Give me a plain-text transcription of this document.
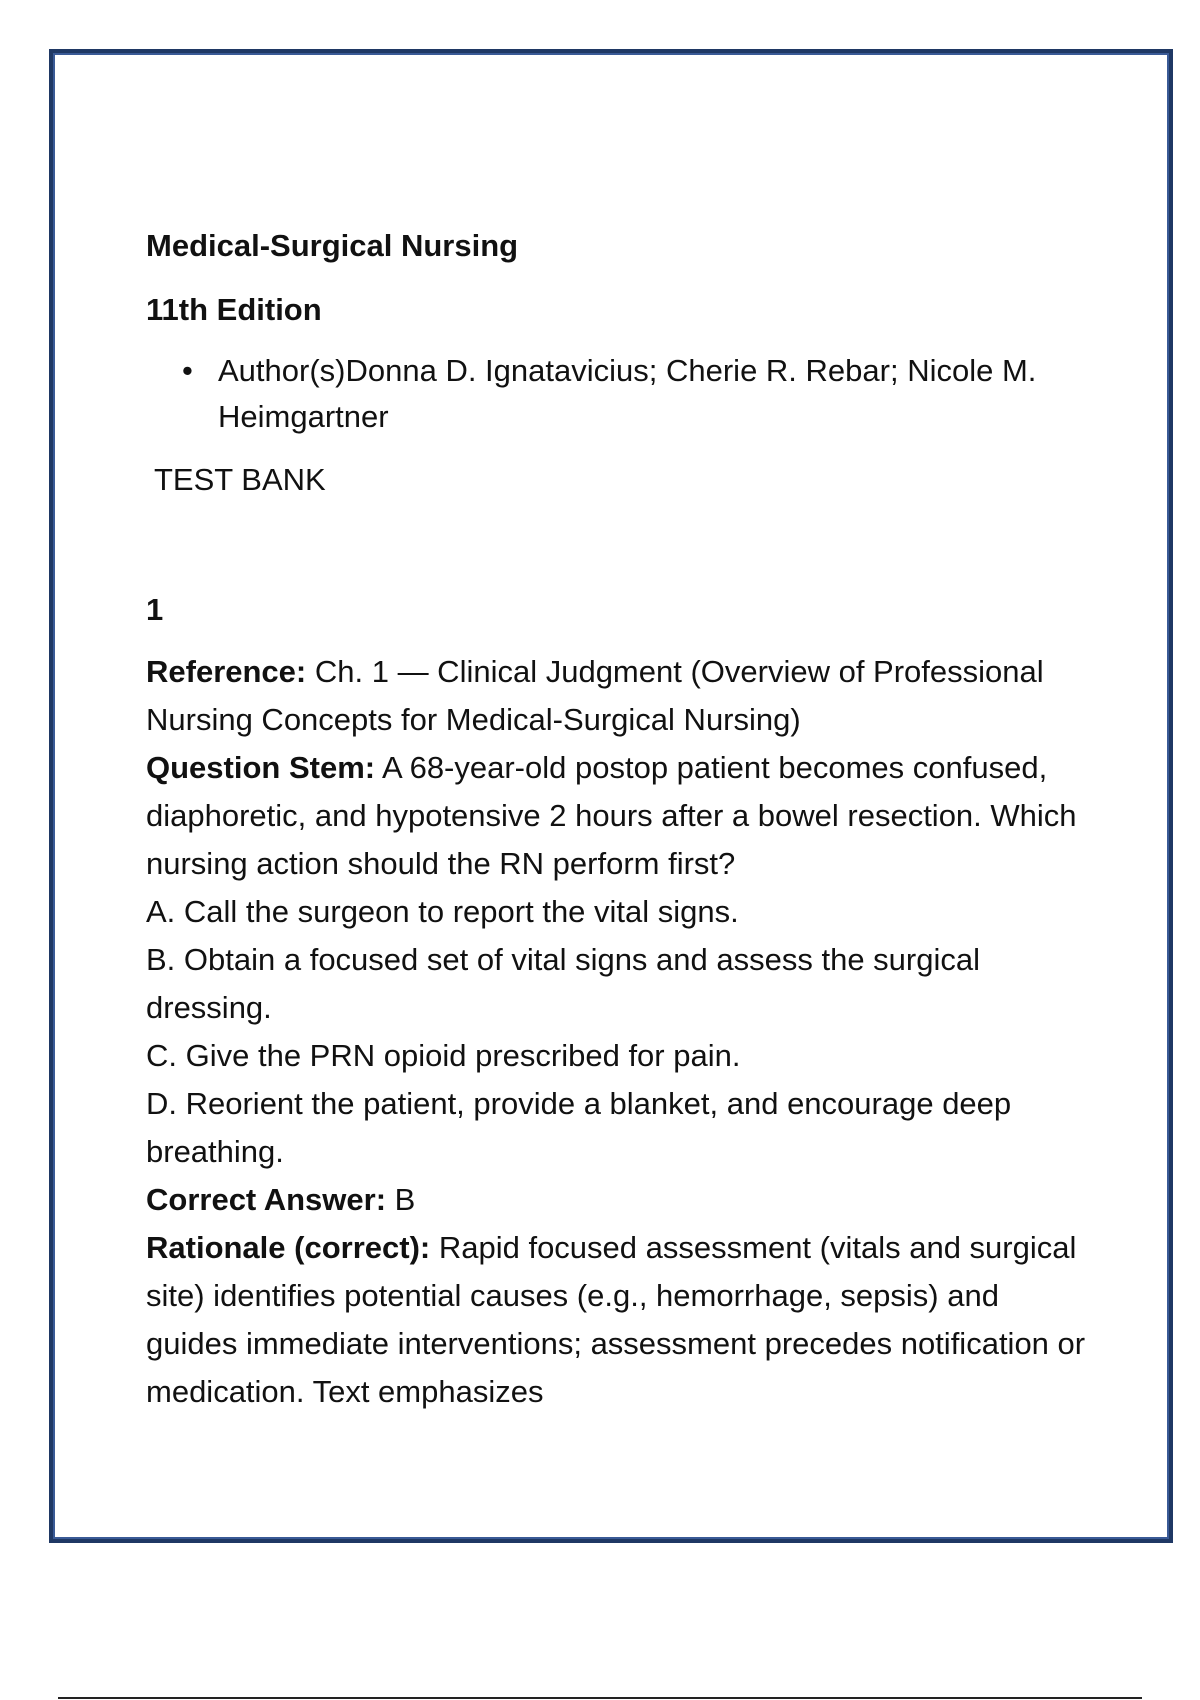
Medical-Surgical Nursing

11th Edition

• Author(s)Donna D. Ignatavicius; Cherie R. Rebar; Nicole M. Heimgartner

TEST BANK

1

Reference: Ch. 1 — Clinical Judgment (Overview of Professional Nursing Concepts for Medical-Surgical Nursing)

Question Stem: A 68-year-old postop patient becomes confused, diaphoretic, and hypotensive 2 hours after a bowel resection. Which nursing action should the RN perform first?

A. Call the surgeon to report the vital signs.

B. Obtain a focused set of vital signs and assess the surgical dressing.

C. Give the PRN opioid prescribed for pain.

D. Reorient the patient, provide a blanket, and encourage deep breathing.

Correct Answer: B

Rationale (correct): Rapid focused assessment (vitals and surgical site) identifies potential causes (e.g., hemorrhage, sepsis) and guides immediate interventions; assessment precedes notification or medication. Text emphasizes
